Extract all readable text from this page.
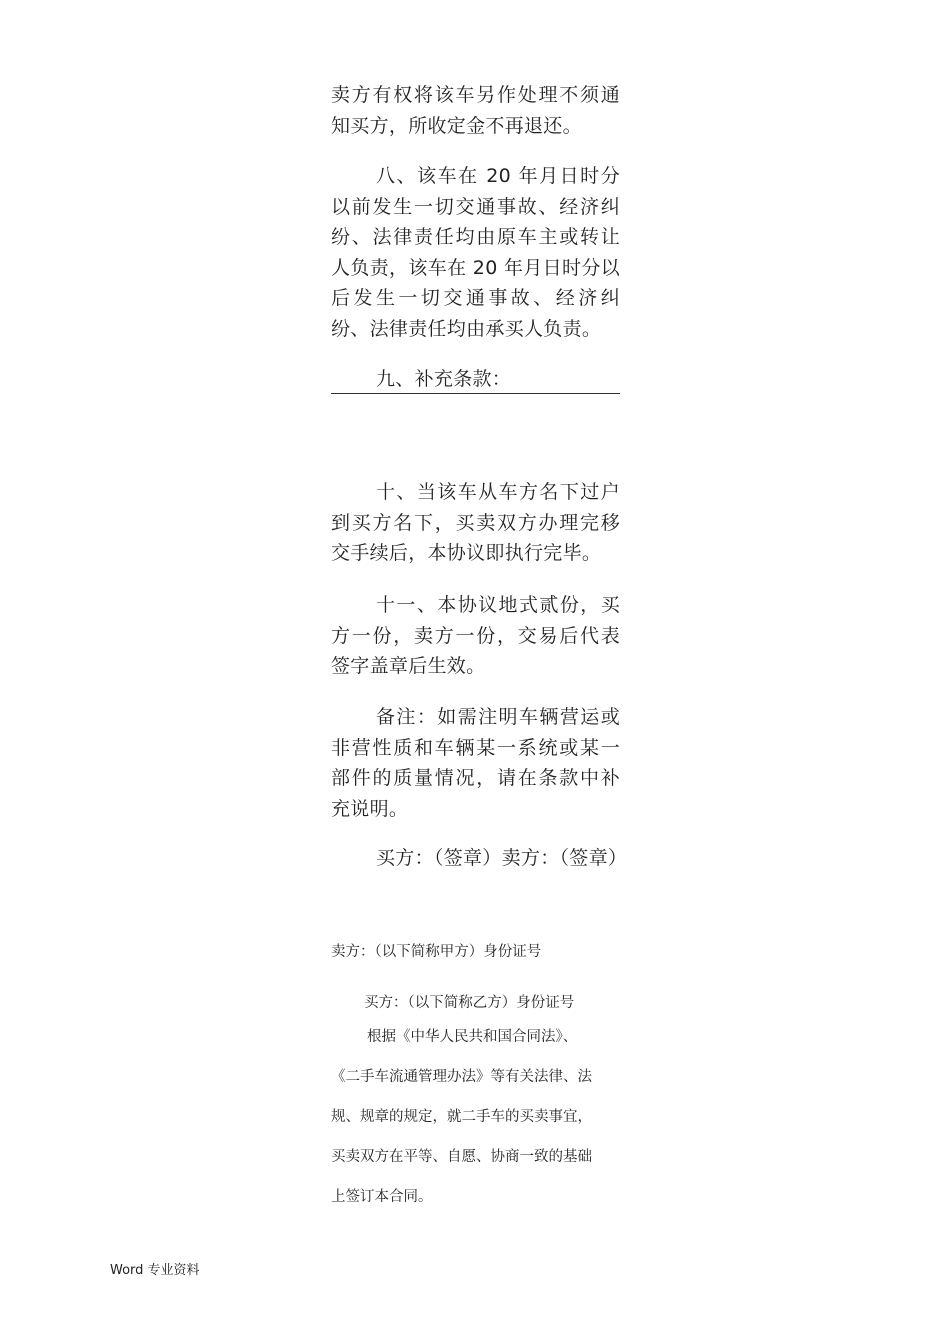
卖方有权将该车另作处理不须通知买方，所收定金不再退还。

八、该车在 20 年月日时分以前发生一切交通事故、经济纠纷、法律责任均由原车主或转让人负责，该车在 20 年月日时分以后发生一切交通事故、经济纠纷、法律责任均由承买人负责。

九、补充条款：

十、当该车从车方名下过户到买方名下，买卖双方办理完移交手续后，本协议即执行完毕。

十一、本协议地式贰份，买方一份，卖方一份，交易后代表签字盖章后生效。

备注：如需注明车辆营运或非营性质和车辆某一系统或某一部件的质量情况，请在条款中补充说明。

买方：（签章）卖方：（签章）

卖方：（以下简称甲方）身份证号

买方：（以下简称乙方）身份证号

根据《中华人民共和国合同法》、

《二手车流通管理办法》等有关法律、法

规、规章的规定，就二手车的买卖事宜，

买卖双方在平等、自愿、协商一致的基础

上签订本合同。

Word 专业资料
